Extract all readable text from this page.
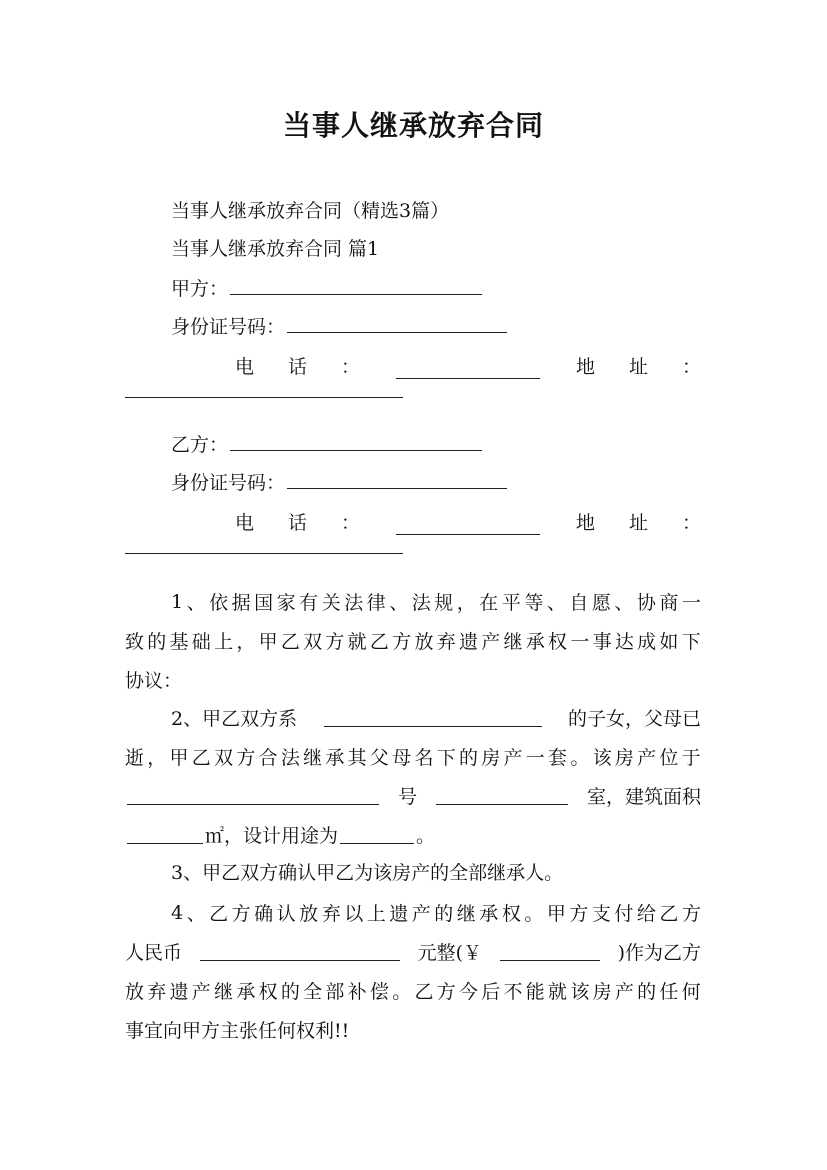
当事人继承放弃合同
当事人继承放弃合同（精选3篇）
当事人继承放弃合同 篇1
甲方：
身份证号码：
电 话 ：	地 址 ：
乙方：
身份证号码：
电 话 ：	地 址 ：
1 、 依 据 国 家 有 关 法 律 、 法 规 ， 在 平 等 、 自 愿 、 协 商 一
致 的 基 础 上 ， 甲 乙 双 方 就 乙 方 放 弃 遗 产 继 承 权 一 事 达 成 如 下
协议：
2、甲乙双方系	的子女，父母已
逝 ， 甲 乙 双 方 合 法 继 承 其 父 母 名 下 的 房 产 一 套 。 该 房 产 位 于
号	室，建筑面积
㎡，设计用途为	。
3、甲乙双方确认甲乙为该房产的全部继承人。
4 、 乙 方 确 认 放 弃 以 上 遗 产 的 继 承 权 。 甲 方 支 付 给 乙 方
人民币	元整(￥	)作为乙方
放 弃 遗 产 继 承 权 的 全 部 补 偿 。 乙 方 今 后 不 能 就 该 房 产 的 任 何
事宜向甲方主张任何权利!!
